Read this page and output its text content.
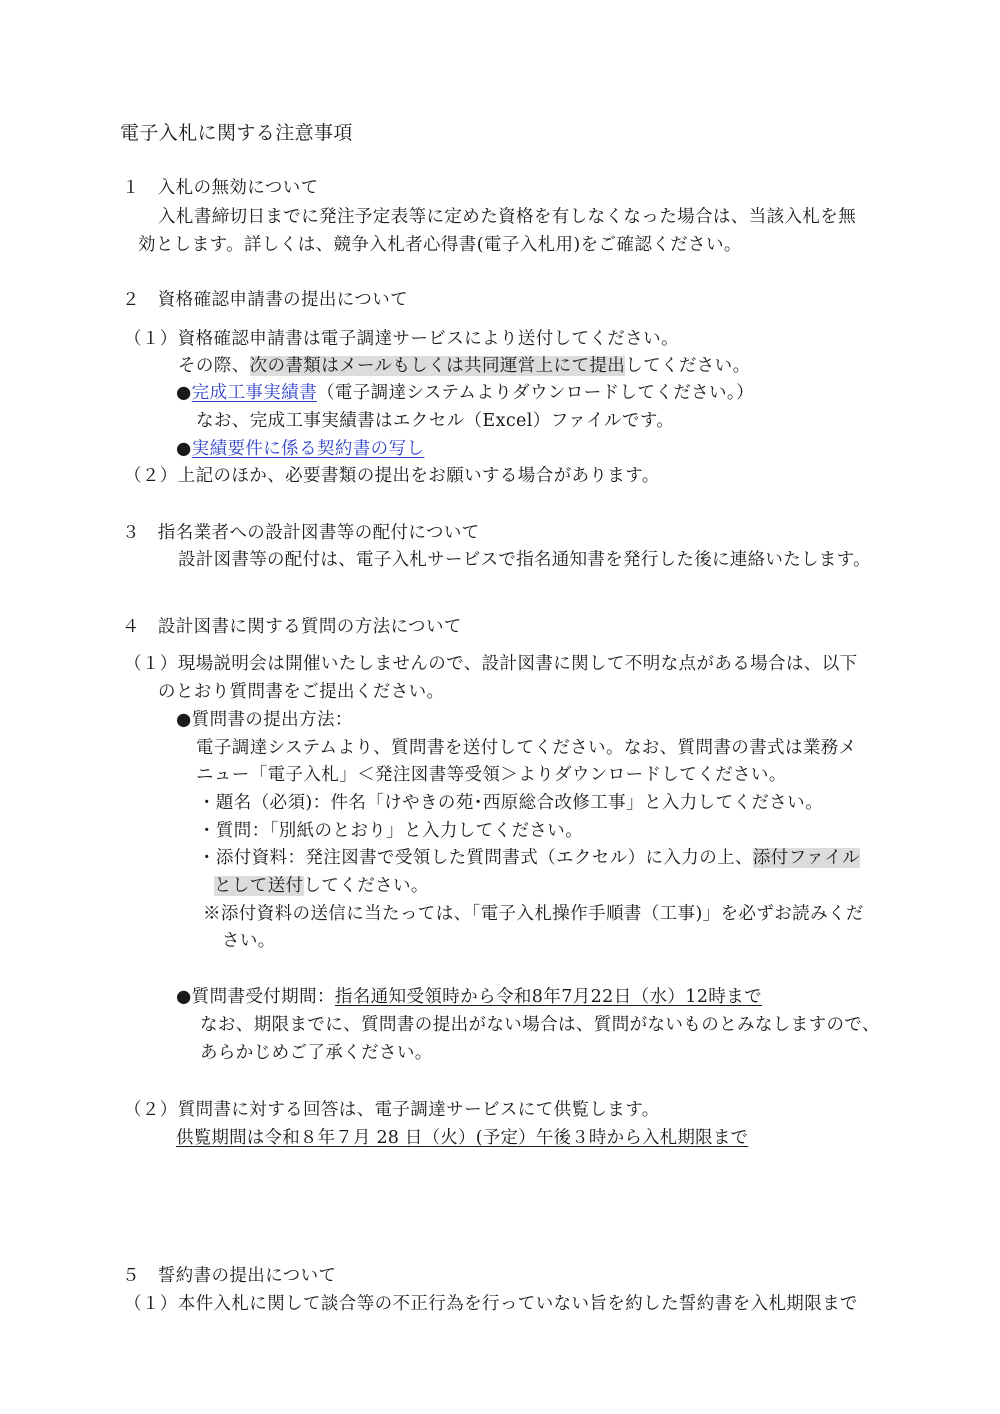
電子入札に関する注意事項
１　入札の無効について
入札書締切日までに発注予定表等に定めた資格を有しなくなった場合は、当該入札を無
効とします。詳しくは、競争入札者心得書(電子入札用)をご確認ください。
２　資格確認申請書の提出について
（１）資格確認申請書は電子調達サービスにより送付してください。
その際、次の書類はメールもしくは共同運営上にて提出してください。
●完成工事実績書（電子調達システムよりダウンロードしてください。）
なお、完成工事実績書はエクセル（Excel）ファイルです。
●実績要件に係る契約書の写し
（２）上記のほか、必要書類の提出をお願いする場合があります。
３　指名業者への設計図書等の配付について
設計図書等の配付は、電子入札サービスで指名通知書を発行した後に連絡いたします。
４　設計図書に関する質問の方法について
（１）現場説明会は開催いたしませんので、設計図書に関して不明な点がある場合は、以下
のとおり質問書をご提出ください。
●質問書の提出方法：
電子調達システムより、質問書を送付してください。なお、質問書の書式は業務メ
ニュー「電子入札」＜発注図書等受領＞よりダウンロードしてください。
・題名（必須)：件名「けやきの苑･西原総合改修工事」と入力してください。
・質問：「別紙のとおり」と入力してください。
・添付資料：発注図書で受領した質問書式（エクセル）に入力の上、添付ファイル
として送付してください。
※添付資料の送信に当たっては、「電子入札操作手順書（工事)」を必ずお読みくだ
さい。
●質問書受付期間：指名通知受領時から令和8年7月22日（水）12時まで
なお、期限までに、質問書の提出がない場合は、質問がないものとみなしますので、
あらかじめご了承ください。
（２）質問書に対する回答は、電子調達サービスにて供覧します。
供覧期間は令和８年７月 28 日（火）(予定）午後３時から入札期限まで
５　誓約書の提出について
（１）本件入札に関して談合等の不正行為を行っていない旨を約した誓約書を入札期限まで
